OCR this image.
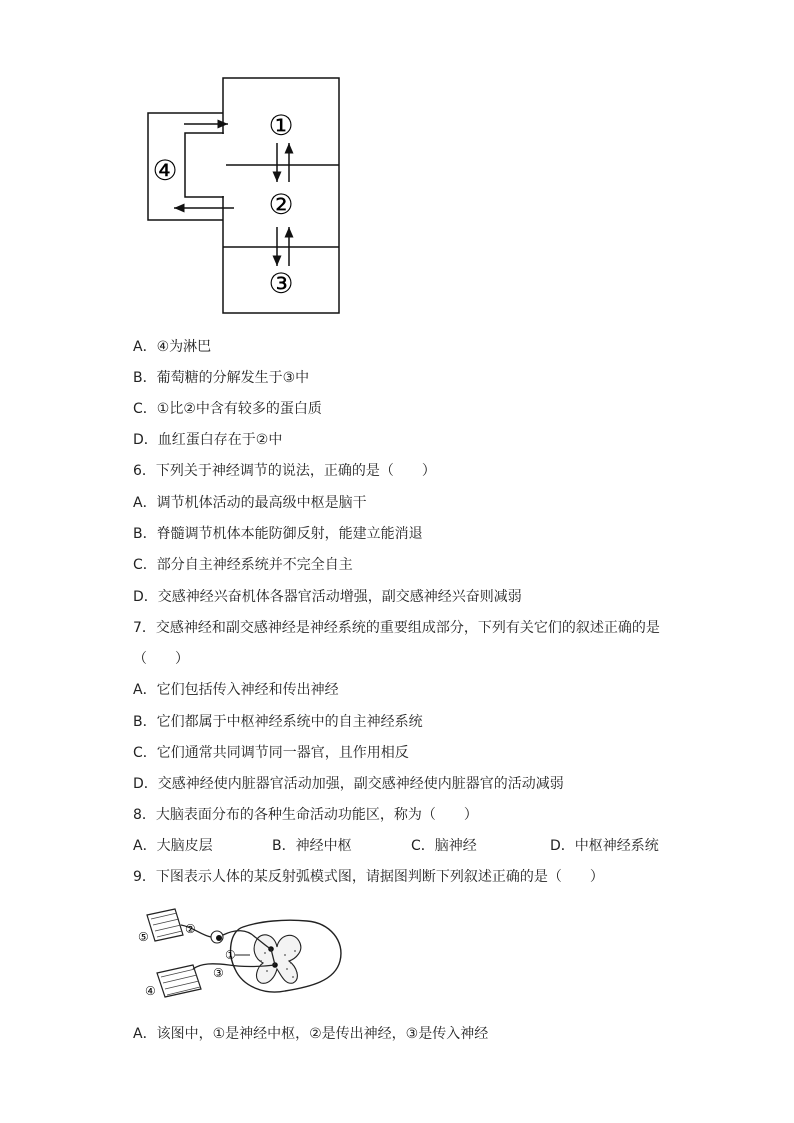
①
②
③
④
A．④为淋巴
B．葡萄糖的分解发生于③中
C．①比②中含有较多的蛋白质
D．血红蛋白存在于②中
6．下列关于神经调节的说法，正确的是（　　）
A．调节机体活动的最高级中枢是脑干
B．脊髓调节机体本能防御反射，能建立能消退
C．部分自主神经系统并不完全自主
D．交感神经兴奋机体各器官活动增强，副交感神经兴奋则减弱
7．交感神经和副交感神经是神经系统的重要组成部分，下列有关它们的叙述正确的是
（　　）
A．它们包括传入神经和传出神经
B．它们都属于中枢神经系统中的自主神经系统
C．它们通常共同调节同一器官，且作用相反
D．交感神经使内脏器官活动加强，副交感神经使内脏器官的活动减弱
8．大脑表面分布的各种生命活动功能区，称为（　　）
A．大脑皮层	B．神经中枢	C．脑神经	D．中枢神经系统
9．下图表示人体的某反射弧模式图，请据图判断下列叙述正确的是（　　）
⑤
②
①
③
④
A．该图中，①是神经中枢，②是传出神经，③是传入神经
